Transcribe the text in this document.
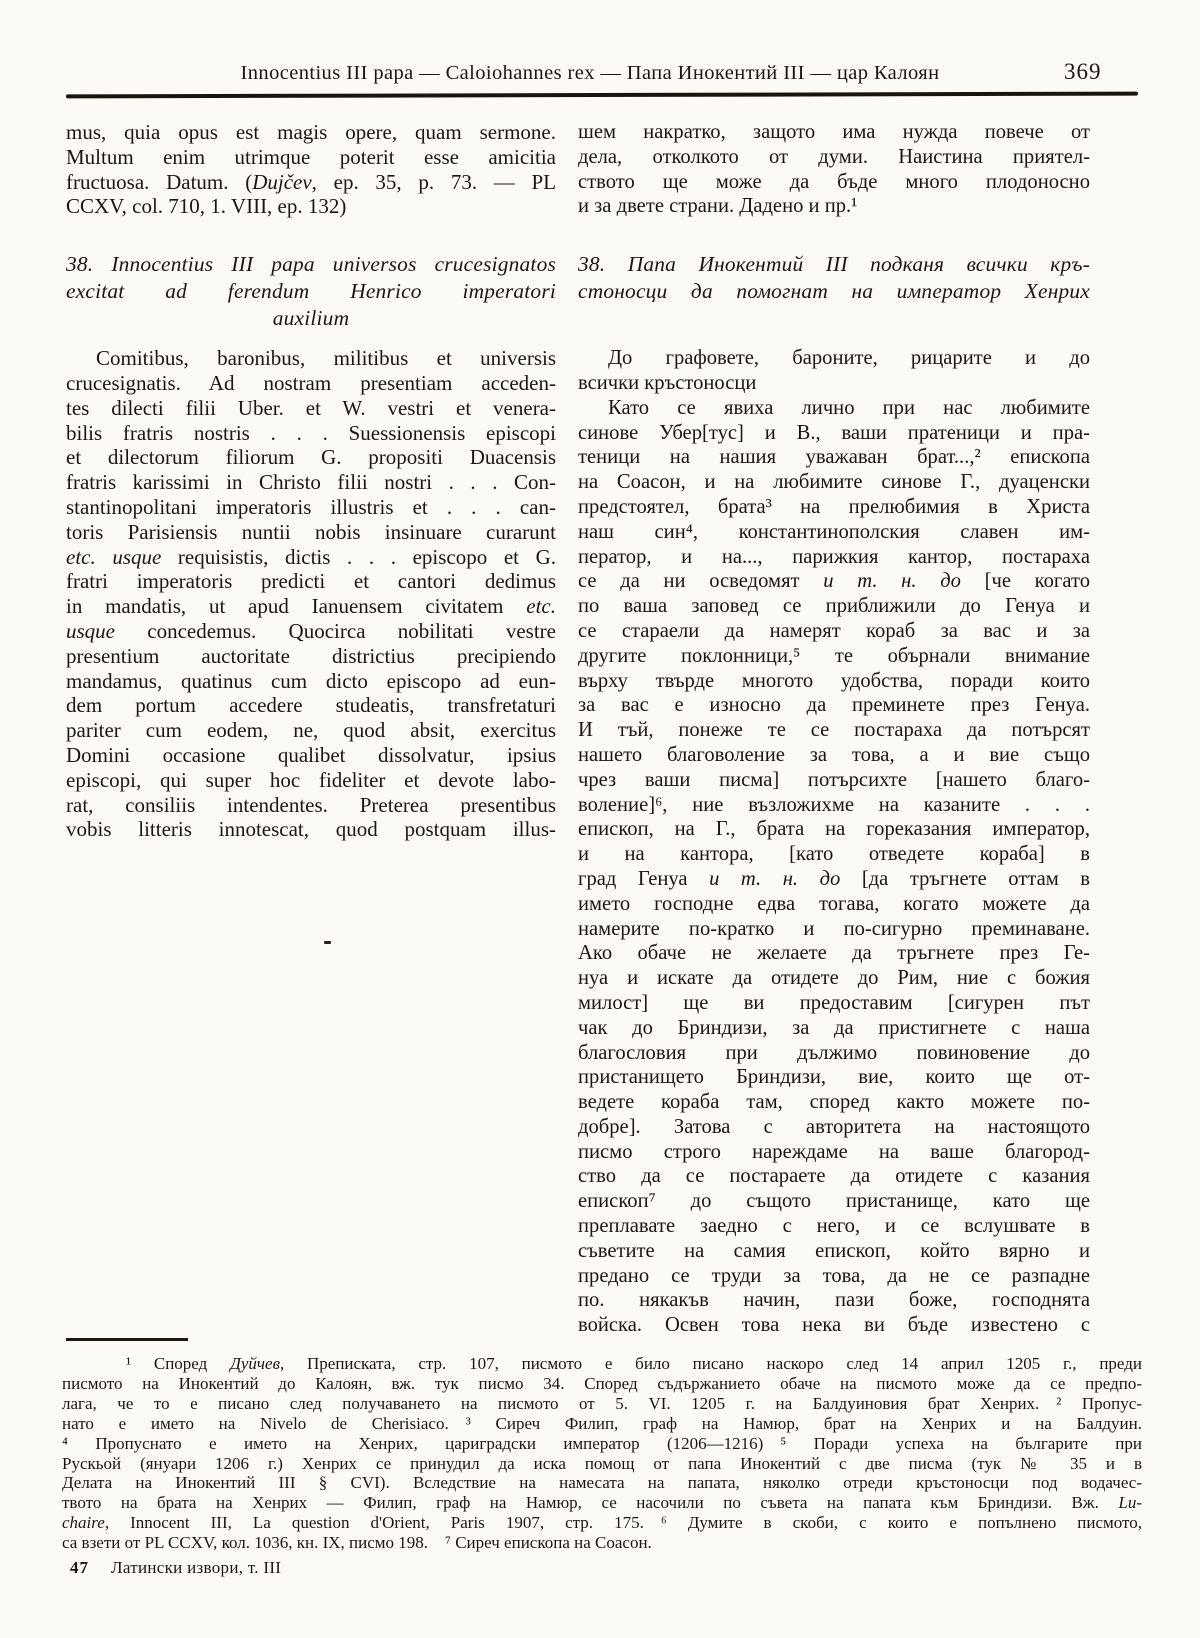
Innocentius III papa — Caloiohannes rex — Папа Инокентий III — цар Калоян	369
mus, quia opus est magis opere, quam sermone.
Multum enim utrimque poterit esse amicitia
fructuosa. Datum. (Dujčev, ep. 35, p. 73. — PL
CCXV, col. 710, 1. VIII, ep. 132)
38. Innocentius III papa universos crucesignatos
excitat ad ferendum Henrico imperatori
auxilium
Comitibus, baronibus, militibus et universis
crucesignatis. Ad nostram presentiam acceden-
tes dilecti filii Uber. et W. vestri et venera-
bilis fratris nostris . . . Suessionensis episcopi
et dilectorum filiorum G. propositi Duacensis
fratris karissimi in Christo filii nostri . . . Con-
stantinopolitani imperatoris illustris et . . . can-
toris Parisiensis nuntii nobis insinuare curarunt
etc. usque requisistis, dictis . . . episcopo et G.
fratri imperatoris predicti et cantori dedimus
in mandatis, ut apud Ianuensem civitatem etc.
usque concedemus. Quocirca nobilitati vestre
presentium auctoritate districtius precipiendo
mandamus, quatinus cum dicto episcopo ad eun-
dem portum accedere studeatis, transfretaturi
pariter cum eodem, ne, quod absit, exercitus
Domini occasione qualibet dissolvatur, ipsius
episcopi, qui super hoc fideliter et devote labo-
rat, consiliis intendentes. Preterea presentibus
vobis litteris innotescat, quod postquam illus-
шем накратко, защото има нужда повече от
дела, отколкото от думи. Наистина приятел-
ството ще може да бъде много плодоносно
и за двете страни. Дадено и пр.¹
38. Папа Инокентий III подканя всички кръ-
стоносци да помогнат на император Хенрих
До графовете, бароните, рицарите и до
всички кръстоносци
Като се явиха лично при нас любимите
синове Убер[тус] и В., ваши пратеници и пра-
теници на нашия уважаван брат...,² епископа
на Соасон, и на любимите синове Г., дуаценски
предстоятел, брата³ на прелюбимия в Христа
наш син⁴, константинополския славен им-
ператор, и на..., парижкия кантор, постараха
се да ни осведомят и т. н. до [че когато
по ваша заповед се приближили до Генуа и
се стараели да намерят кораб за вас и за
другите поклонници,⁵ те обърнали внимание
върху твърде многото удобства, поради които
за вас е износно да преминете през Генуа.
И тъй, понеже те се постараха да потърсят
нашето благоволение за това, а и вие също
чрез ваши писма] потърсихте [нашето благо-
воление]⁶, ние възложихме на казаните . . .
епископ, на Г., брата на гореказания император,
и на кантора, [като отведете кораба] в
град Генуа и т. н. до [да тръгнете оттам в
името господне едва тогава, когато можете да
намерите по-кратко и по-сигурно преминаване.
Ако обаче не желаете да тръгнете през Ге-
нуа и искате да отидете до Рим, ние с божия
милост] ще ви предоставим [сигурен път
чак до Бриндизи, за да пристигнете с наша
благословия при дължимо повиновение до
пристанището Бриндизи, вие, които ще от-
ведете кораба там, според както можете по-
добре]. Затова с авторитета на настоящото
писмо строго нареждаме на ваше благород-
ство да се постараете да отидете с казания
епископ⁷ до същото пристанище, като ще
преплавате заедно с него, и се вслушвате в
съветите на самия епископ, който вярно и
предано се труди за това, да не се разпадне
по. някакъв начин, пази боже, господнята
войска. Освен това нека ви бъде известено с
¹ Според Дуйчев, Преписката, стр. 107, писмото е било писано наскоро след 14 април 1205 г., преди
писмото на Инокентий до Калоян, вж. тук писмо 34. Според съдържанието обаче на писмото може да се предпо-
лага, че то е писано след получаването на писмото от 5. VI. 1205 г. на Балдуиновия брат Хенрих. ² Пропус-
нато е името на Nivelo de Cherisiaco. ³ Сиреч Филип, граф на Намюр, брат на Хенрих и на Балдуин.
⁴ Пропуснато е името на Хенрих, цариградски император (1206—1216) ⁵ Поради успеха на българите при
Рускьой (януари 1206 г.) Хенрих се принудил да иска помощ от папа Инокентий с две писма (тук № 35 и в
Делата на Инокентий III § CVI). Вследствие на намесата на папата, няколко отреди кръстоносци под водачес-
твото на брата на Хенрих — Филип, граф на Намюр, се насочили по съвета на папата към Бриндизи. Вж. Lu-
chaire, Innocent III, La question d'Orient, Paris 1907, стр. 175. ⁶ Думите в скоби, с които е попълнено писмото,
са взети от PL CCXV, кол. 1036, кн. IX, писмо 198. ⁷ Сиреч епископа на Соасон.
47 Латински извори, т. III
